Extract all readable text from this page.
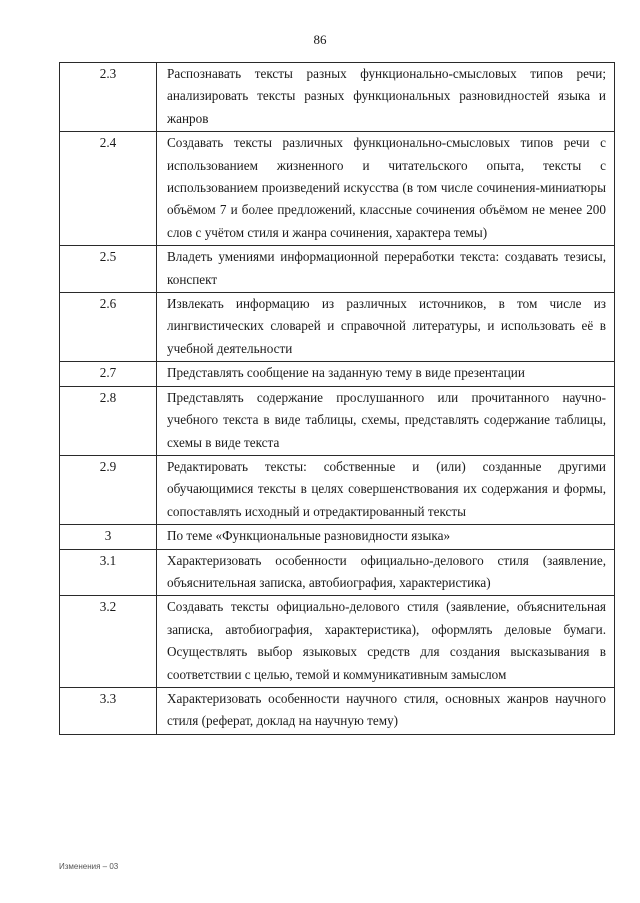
86
2.3	Распознавать тексты разных функционально-смысловых типов речи; анализировать тексты разных функциональных разновидностей языка и жанров
2.4	Создавать тексты различных функционально-смысловых типов речи с использованием жизненного и читательского опыта, тексты с использованием произведений искусства (в том числе сочинения-миниатюры объёмом 7 и более предложений, классные сочинения объёмом не менее 200 слов с учётом стиля и жанра сочинения, характера темы)
2.5	Владеть умениями информационной переработки текста: создавать тезисы, конспект
2.6	Извлекать информацию из различных источников, в том числе из лингвистических словарей и справочной литературы, и использовать её в учебной деятельности
2.7	Представлять сообщение на заданную тему в виде презентации
2.8	Представлять содержание прослушанного или прочитанного научно-учебного текста в виде таблицы, схемы, представлять содержание таблицы, схемы в виде текста
2.9	Редактировать тексты: собственные и (или) созданные другими обучающимися тексты в целях совершенствования их содержания и формы, сопоставлять исходный и отредактированный тексты
3	По теме «Функциональные разновидности языка»
3.1	Характеризовать особенности официально-делового стиля (заявление, объяснительная записка, автобиография, характеристика)
3.2	Создавать тексты официально-делового стиля (заявление, объяснительная записка, автобиография, характеристика), оформлять деловые бумаги. Осуществлять выбор языковых средств для создания высказывания в соответствии с целью, темой и коммуникативным замыслом
3.3	Характеризовать особенности научного стиля, основных жанров научного стиля (реферат, доклад на научную тему)
Изменения – 03
